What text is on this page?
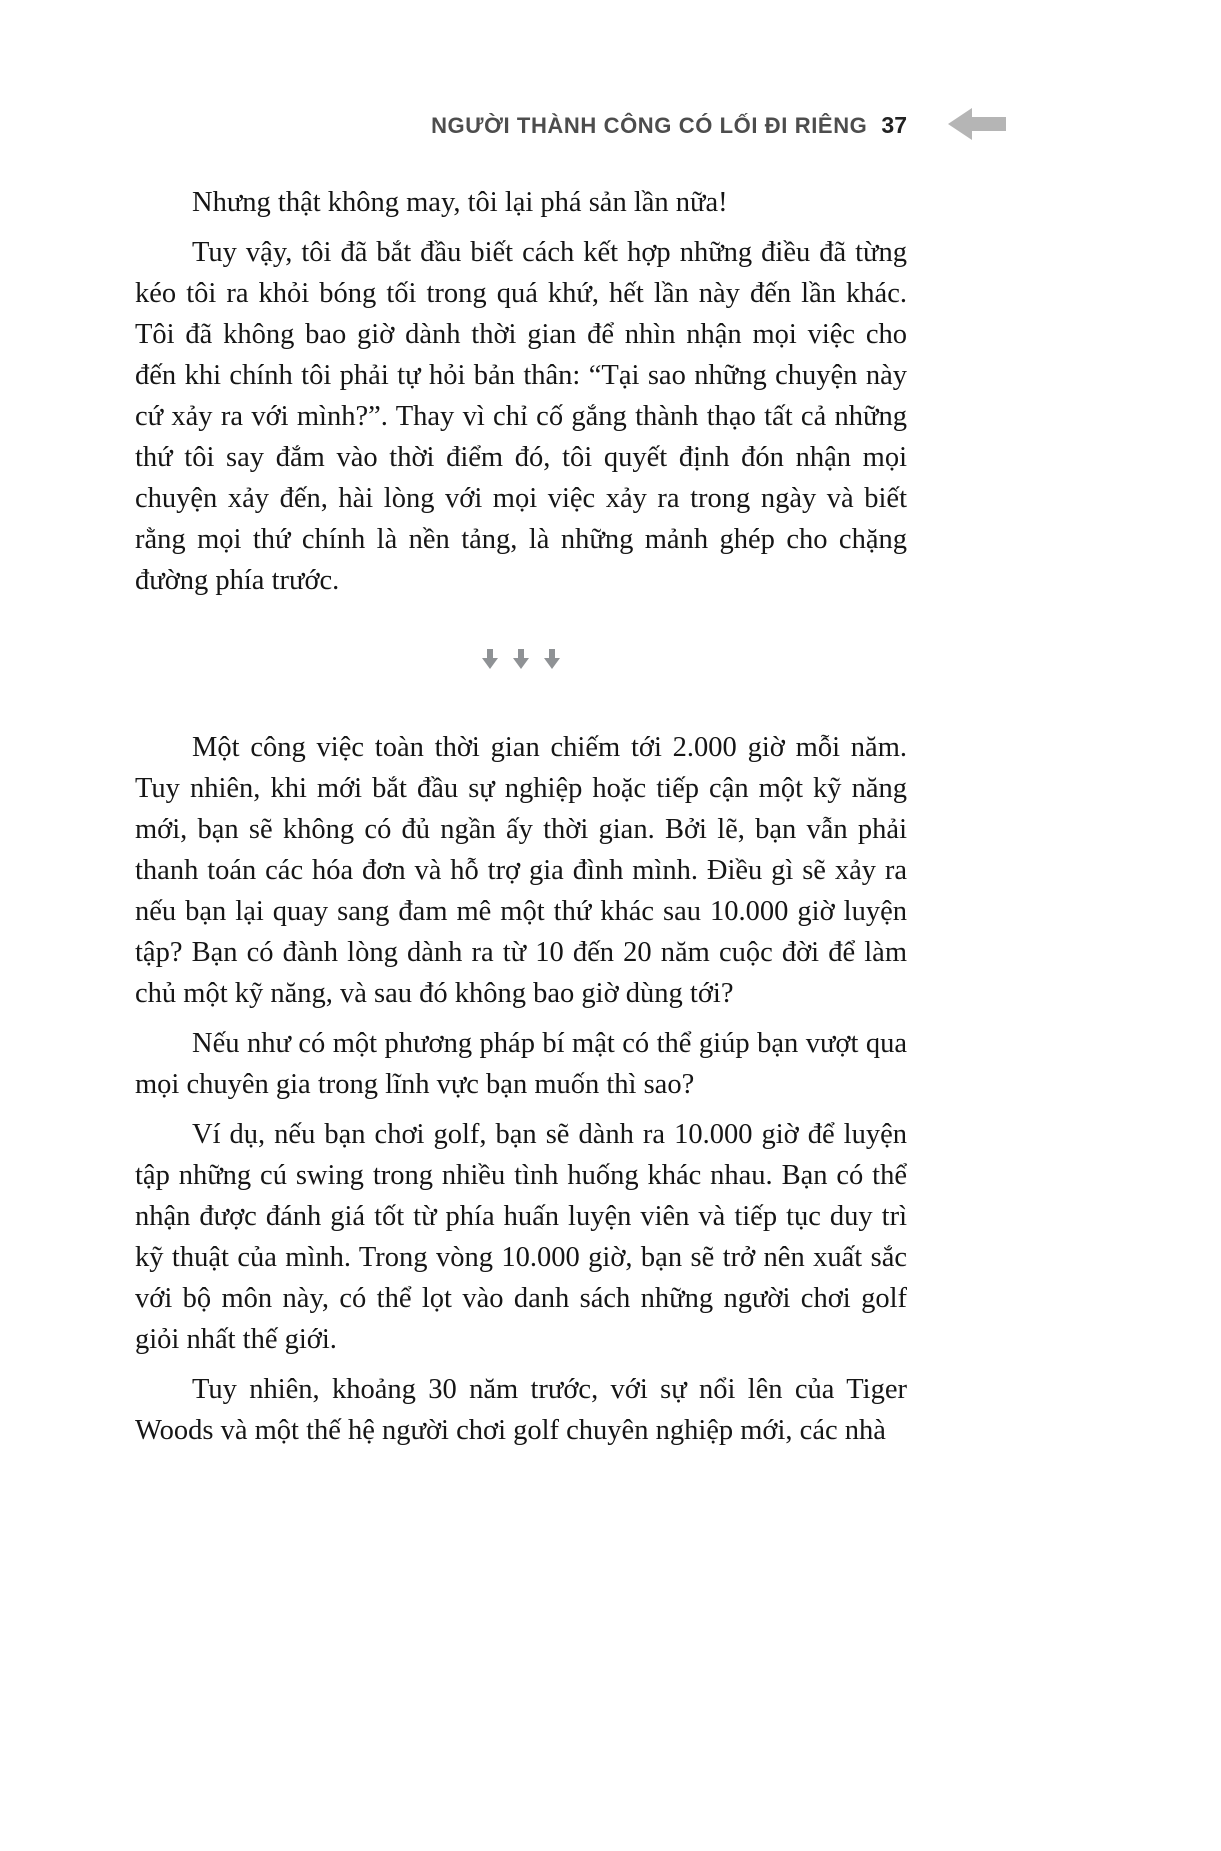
NGƯỜI THÀNH CÔNG CÓ LỐI ĐI RIÊNG 37

Nhưng thật không may, tôi lại phá sản lần nữa!

Tuy vậy, tôi đã bắt đầu biết cách kết hợp những điều đã từng kéo tôi ra khỏi bóng tối trong quá khứ, hết lần này đến lần khác. Tôi đã không bao giờ dành thời gian để nhìn nhận mọi việc cho đến khi chính tôi phải tự hỏi bản thân: “Tại sao những chuyện này cứ xảy ra với mình?”. Thay vì chỉ cố gắng thành thạo tất cả những thứ tôi say đắm vào thời điểm đó, tôi quyết định đón nhận mọi chuyện xảy đến, hài lòng với mọi việc xảy ra trong ngày và biết rằng mọi thứ chính là nền tảng, là những mảnh ghép cho chặng đường phía trước.

Một công việc toàn thời gian chiếm tới 2.000 giờ mỗi năm. Tuy nhiên, khi mới bắt đầu sự nghiệp hoặc tiếp cận một kỹ năng mới, bạn sẽ không có đủ ngần ấy thời gian. Bởi lẽ, bạn vẫn phải thanh toán các hóa đơn và hỗ trợ gia đình mình. Điều gì sẽ xảy ra nếu bạn lại quay sang đam mê một thứ khác sau 10.000 giờ luyện tập? Bạn có đành lòng dành ra từ 10 đến 20 năm cuộc đời để làm chủ một kỹ năng, và sau đó không bao giờ dùng tới?

Nếu như có một phương pháp bí mật có thể giúp bạn vượt qua mọi chuyên gia trong lĩnh vực bạn muốn thì sao?

Ví dụ, nếu bạn chơi golf, bạn sẽ dành ra 10.000 giờ để luyện tập những cú swing trong nhiều tình huống khác nhau. Bạn có thể nhận được đánh giá tốt từ phía huấn luyện viên và tiếp tục duy trì kỹ thuật của mình. Trong vòng 10.000 giờ, bạn sẽ trở nên xuất sắc với bộ môn này, có thể lọt vào danh sách những người chơi golf giỏi nhất thế giới.

Tuy nhiên, khoảng 30 năm trước, với sự nổi lên của Tiger Woods và một thế hệ người chơi golf chuyên nghiệp mới, các nhà
